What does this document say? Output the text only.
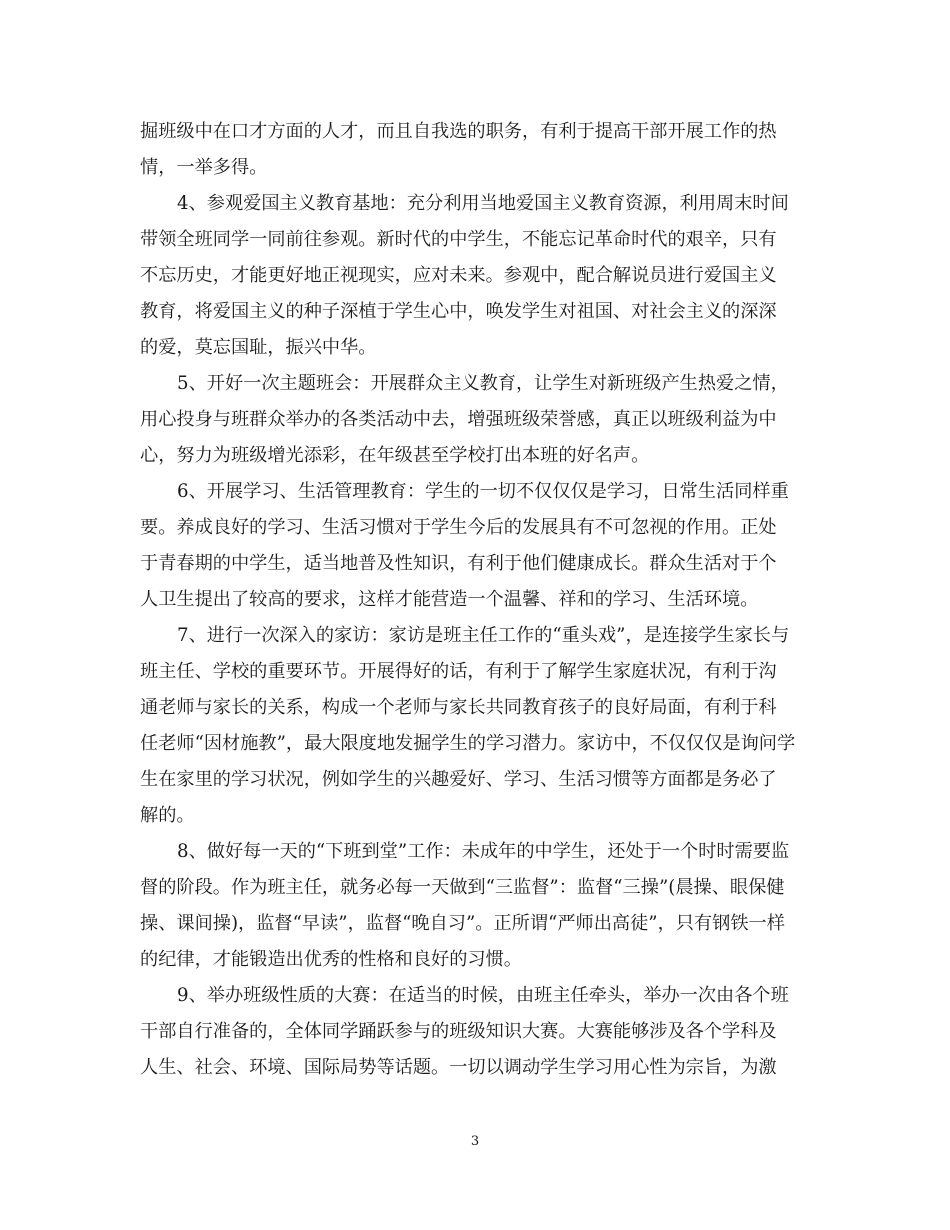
掘班级中在口才方面的人才，而且自我选的职务，有利于提高干部开展工作的热
情，一举多得。
4、参观爱国主义教育基地：充分利用当地爱国主义教育资源，利用周末时间
带领全班同学一同前往参观。新时代的中学生，不能忘记革命时代的艰辛，只有
不忘历史，才能更好地正视现实，应对未来。参观中，配合解说员进行爱国主义
教育，将爱国主义的种子深植于学生心中，唤发学生对祖国、对社会主义的深深
的爱，莫忘国耻，振兴中华。
5、开好一次主题班会：开展群众主义教育，让学生对新班级产生热爱之情，
用心投身与班群众举办的各类活动中去，增强班级荣誉感，真正以班级利益为中
心，努力为班级增光添彩，在年级甚至学校打出本班的好名声。
6、开展学习、生活管理教育：学生的一切不仅仅仅是学习，日常生活同样重
要。养成良好的学习、生活习惯对于学生今后的发展具有不可忽视的作用。正处
于青春期的中学生，适当地普及性知识，有利于他们健康成长。群众生活对于个
人卫生提出了较高的要求，这样才能营造一个温馨、祥和的学习、生活环境。
7、进行一次深入的家访：家访是班主任工作的“重头戏”，是连接学生家长与
班主任、学校的重要环节。开展得好的话，有利于了解学生家庭状况，有利于沟
通老师与家长的关系，构成一个老师与家长共同教育孩子的良好局面，有利于科
任老师“因材施教”，最大限度地发掘学生的学习潜力。家访中，不仅仅仅是询问学
生在家里的学习状况，例如学生的兴趣爱好、学习、生活习惯等方面都是务必了
解的。
8、做好每一天的“下班到堂”工作：未成年的中学生，还处于一个时时需要监
督的阶段。作为班主任，就务必每一天做到“三监督”：监督“三操”(晨操、眼保健
操、课间操)，监督“早读”，监督“晚自习”。正所谓“严师出高徒”，只有钢铁一样
的纪律，才能锻造出优秀的性格和良好的习惯。
9、举办班级性质的大赛：在适当的时候，由班主任牵头，举办一次由各个班
干部自行准备的，全体同学踊跃参与的班级知识大赛。大赛能够涉及各个学科及
人生、社会、环境、国际局势等话题。一切以调动学生学习用心性为宗旨，为激
3
